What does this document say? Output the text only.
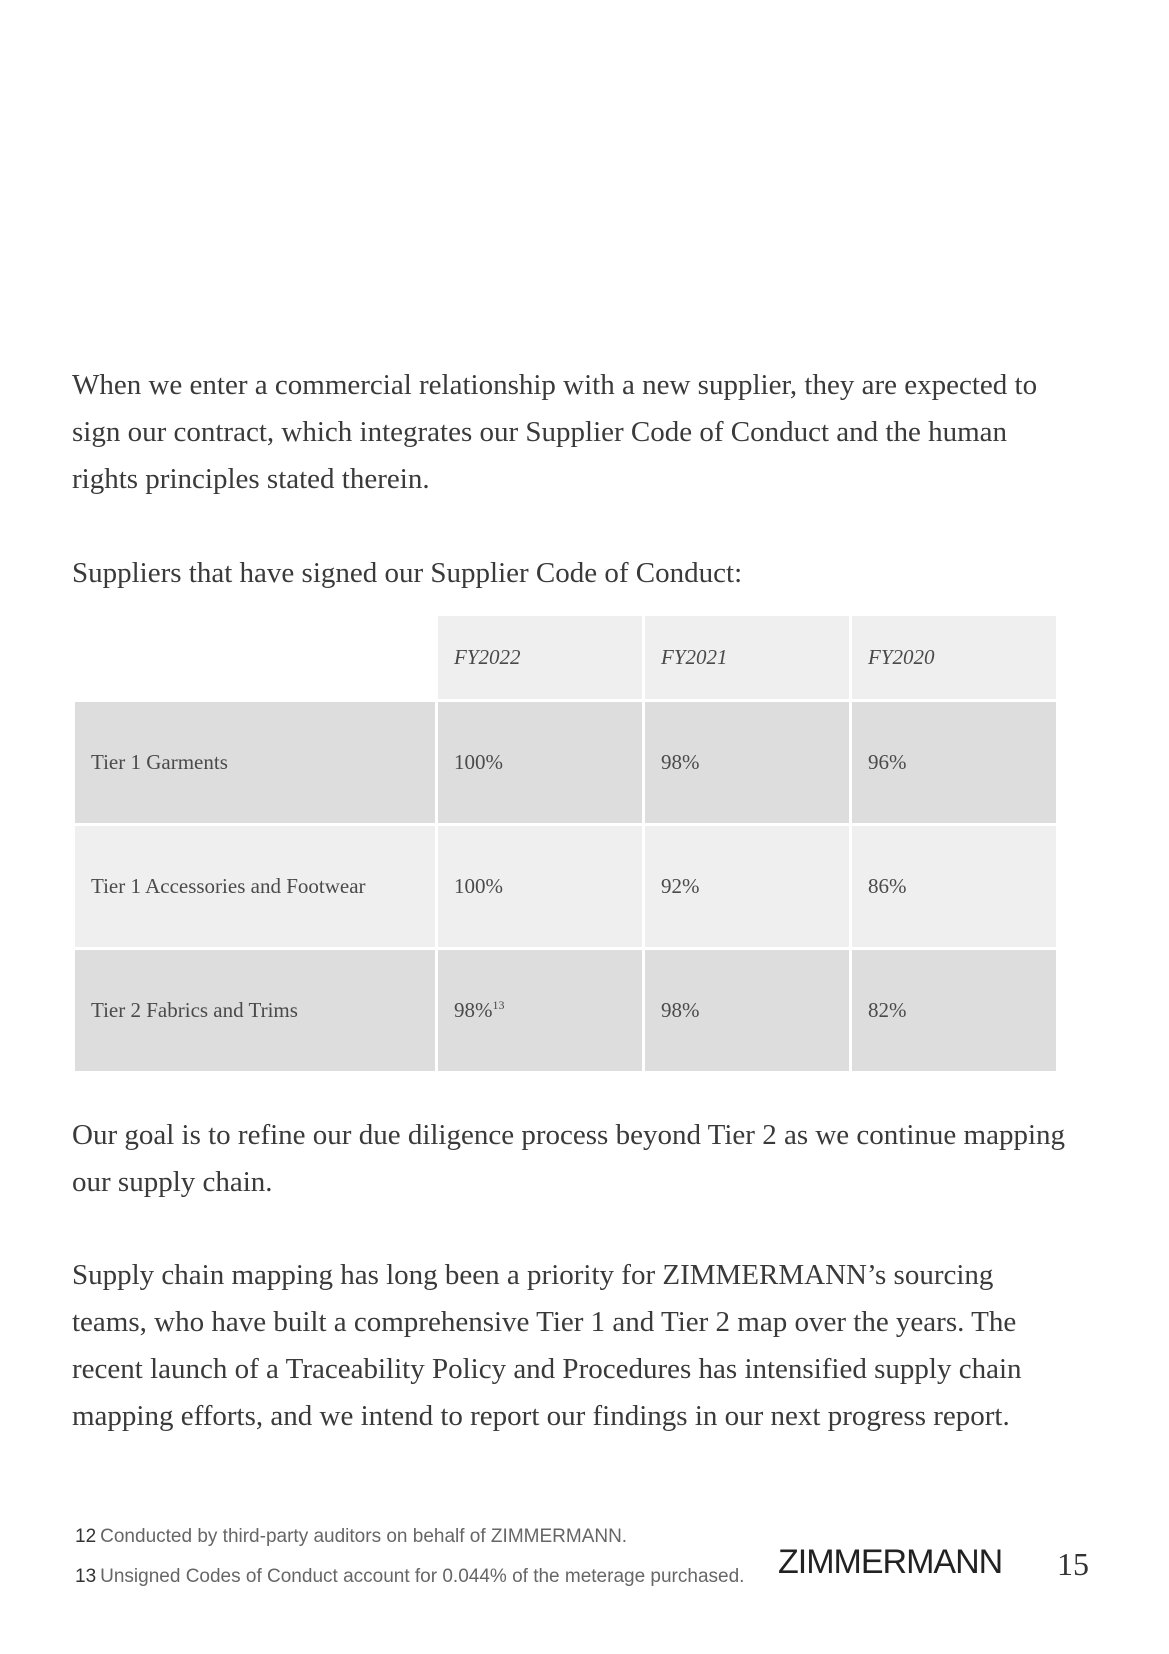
When we enter a commercial relationship with a new supplier, they are expected to sign our contract, which integrates our Supplier Code of Conduct and the human rights principles stated therein.

Suppliers that have signed our Supplier Code of Conduct:

	FY2022	FY2021	FY2020
Tier 1 Garments	100%	98%	96%
Tier 1 Accessories and Footwear	100%	92%	86%
Tier 2 Fabrics and Trims	98%$^{13}$	98%	82%

Our goal is to refine our due diligence process beyond Tier 2 as we continue mapping our supply chain.

Supply chain mapping has long been a priority for ZIMMERMANN’s sourcing teams, who have built a comprehensive Tier 1 and Tier 2 map over the years. The recent launch of a Traceability Policy and Procedures has intensified supply chain mapping efforts, and we intend to report our findings in our next progress report.

12 Conducted by third-party auditors on behalf of ZIMMERMANN.
13 Unsigned Codes of Conduct account for 0.044% of the meterage purchased. ZIMMERMANN 15
